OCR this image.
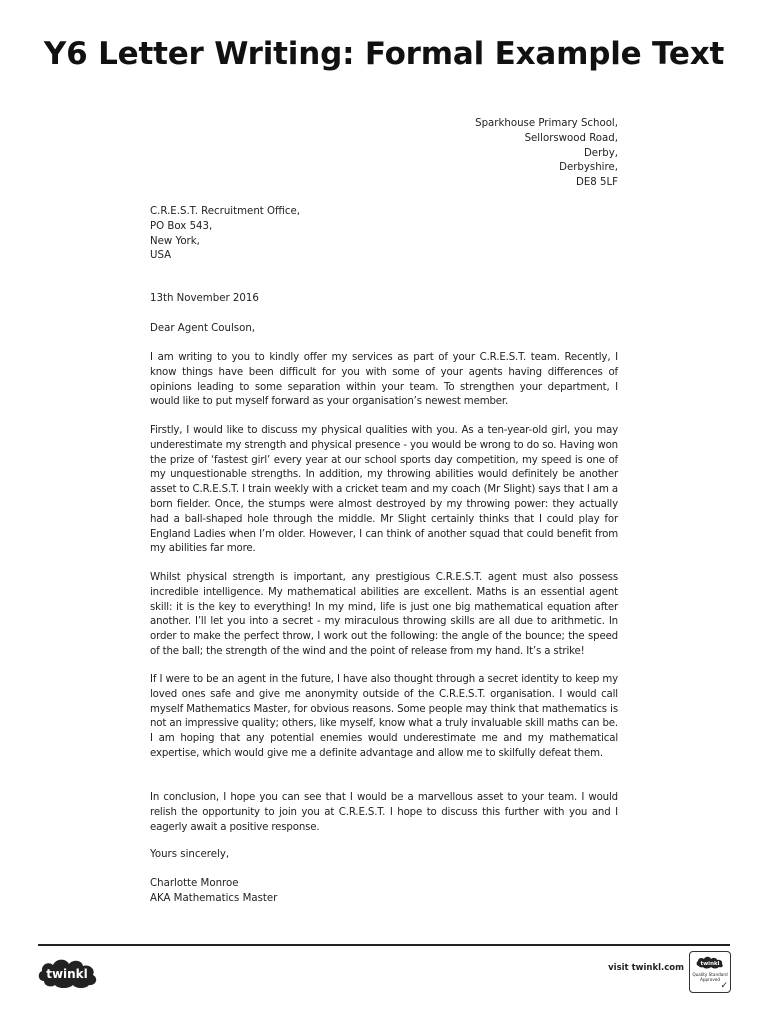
Y6 Letter Writing: Formal Example Text
Sparkhouse Primary School,
Sellorswood Road,
Derby,
Derbyshire,
DE8 5LF
C.R.E.S.T. Recruitment Office,
PO Box 543,
New York,
USA
13th November 2016
Dear Agent Coulson,

I am writing to you to kindly offer my services as part of your C.R.E.S.T. team. Recently, I know things have been difficult for you with some of your agents having differences of opinions leading to some separation within your team. To strengthen your department, I would like to put myself forward as your organisation’s newest member.

Firstly, I would like to discuss my physical qualities with you. As a ten-year-old girl, you may underestimate my strength and physical presence - you would be wrong to do so. Having won the prize of ‘fastest girl’ every year at our school sports day competition, my speed is one of my unquestionable strengths. In addition, my throwing abilities would definitely be another asset to C.R.E.S.T. I train weekly with a cricket team and my coach (Mr Slight) says that I am a born fielder. Once, the stumps were almost destroyed by my throwing power: they actually had a ball-shaped hole through the middle. Mr Slight certainly thinks that I could play for England Ladies when I’m older. However, I can think of another squad that could benefit from my abilities far more.

Whilst physical strength is important, any prestigious C.R.E.S.T. agent must also possess incredible intelligence. My mathematical abilities are excellent. Maths is an essential agent skill: it is the key to everything! In my mind, life is just one big mathematical equation after another. I’ll let you into a secret - my miraculous throwing skills are all due to arithmetic. In order to make the perfect throw, I work out the following: the angle of the bounce; the speed of the ball; the strength of the wind and the point of release from my hand. It’s a strike!

If I were to be an agent in the future, I have also thought through a secret identity to keep my loved ones safe and give me anonymity outside of the C.R.E.S.T. organisation. I would call myself Mathematics Master, for obvious reasons. Some people may think that mathematics is not an impressive quality; others, like myself, know what a truly invaluable skill maths can be. I am hoping that any potential enemies would underestimate me and my mathematical expertise, which would give me a definite advantage and allow me to skilfully defeat them.

In conclusion, I hope you can see that I would be a marvellous asset to your team. I would relish the opportunity to join you at C.R.E.S.T. I hope to discuss this further with you and I eagerly await a positive response.

Yours sincerely,
Charlotte Monroe
AKA Mathematics Master
twinkl	visit twinkl.com	twinkl
Quality Standard
Approved
✓
